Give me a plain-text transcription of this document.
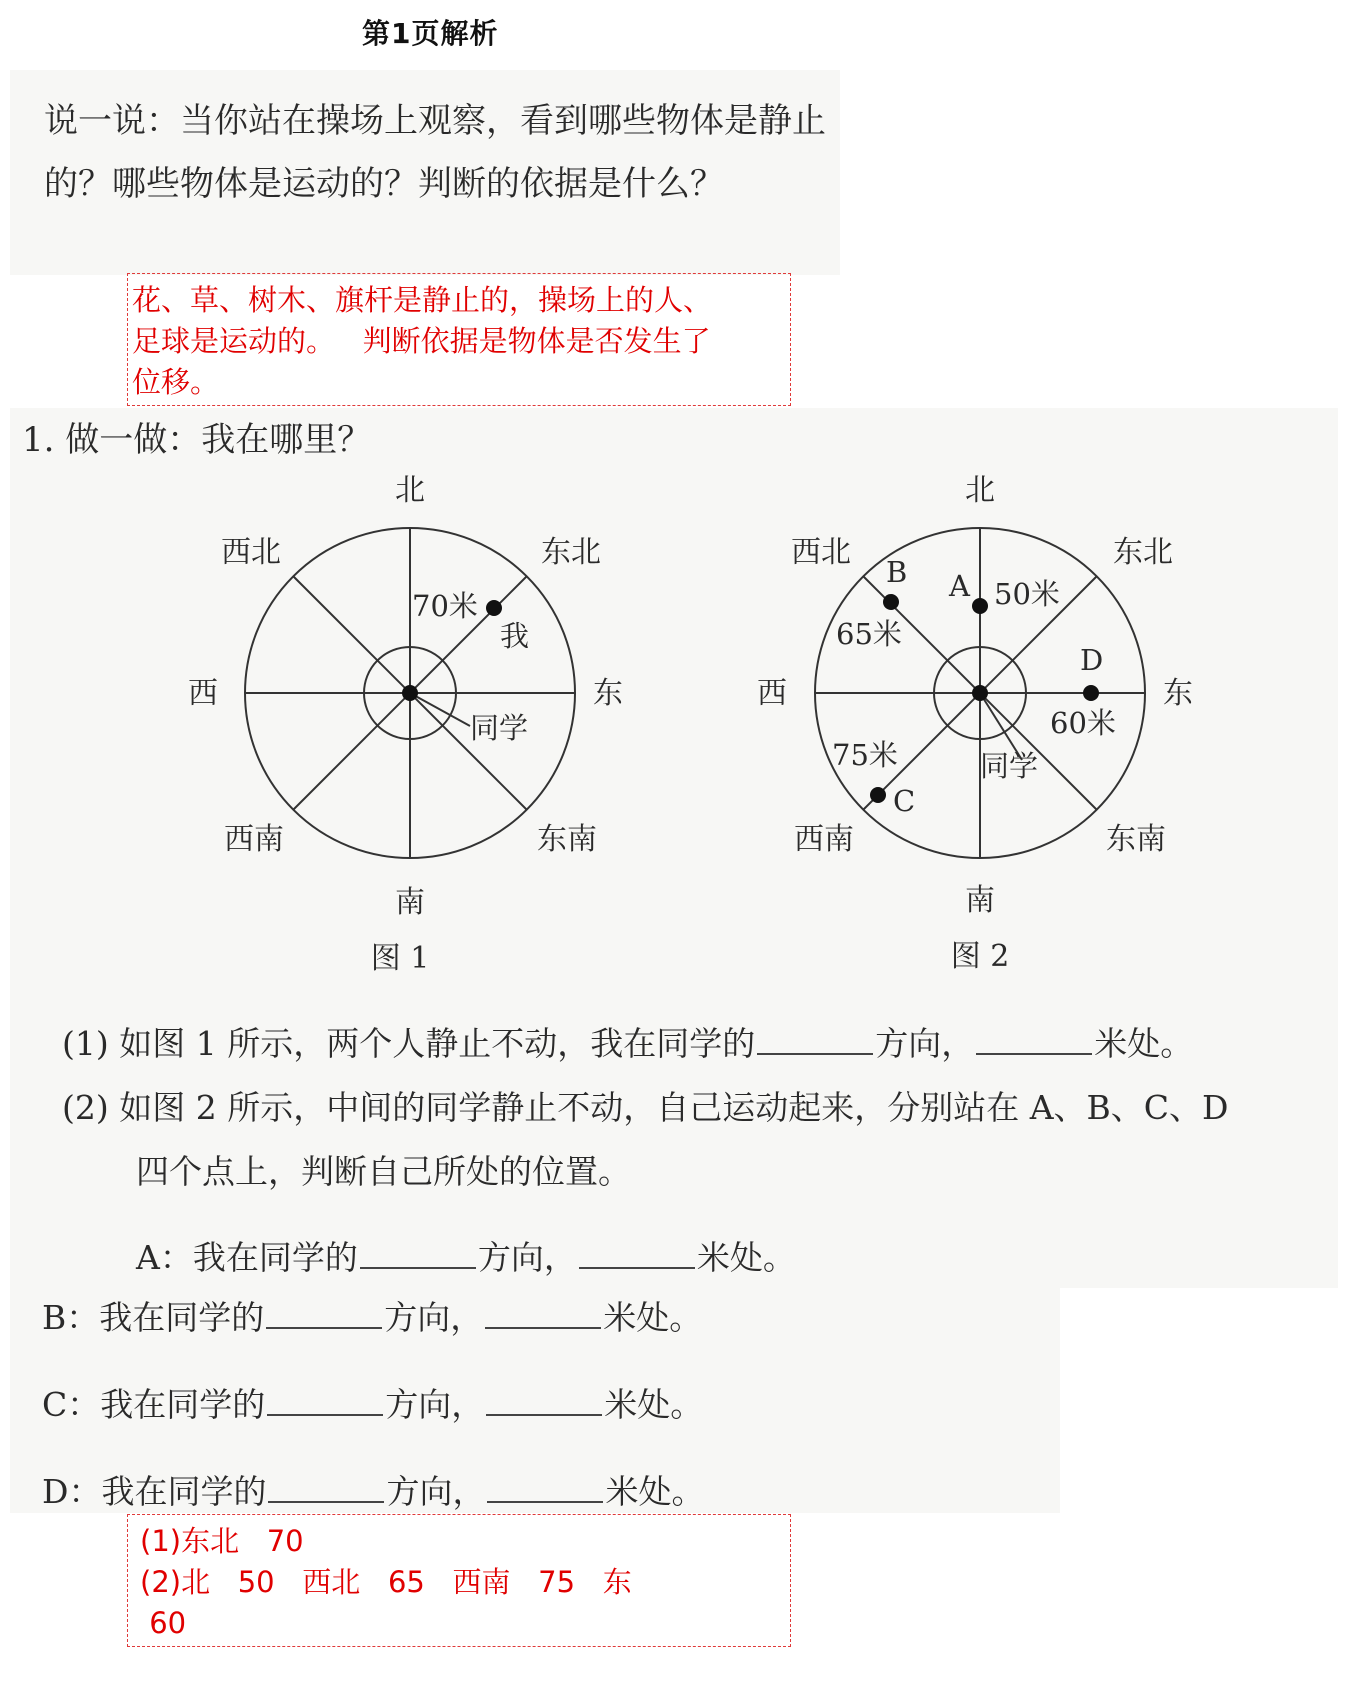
第1页解析
说一说：当你站在操场上观察，看到哪些物体是静止的？哪些物体是运动的？判断的依据是什么？
花、草、树木、旗杆是静止的，操场上的人、
足球是运动的。   判断依据是物体是否发生了
位移。
1. 做一做：我在哪里？
北
东北
东
东南
南
西南
西
西北
70米
我
同学
图 1
北
东北
东
东南
南
西南
西
西北
A 50米
B
65米
C
75米
D
60米
同学
图 2
(1) 如图 1 所示，两个人静止不动，我在同学的	方向，	米处。
(2) 如图 2 所示，中间的同学静止不动，自己运动起来，分别站在 A、B、C、D
四个点上，判断自己所处的位置。
A：我在同学的	方向，	米处。
B：我在同学的	方向，	米处。
C：我在同学的	方向，	米处。
D：我在同学的	方向，	米处。
(1)东北   70
(2)北   50   西北   65   西南   75   东
60
